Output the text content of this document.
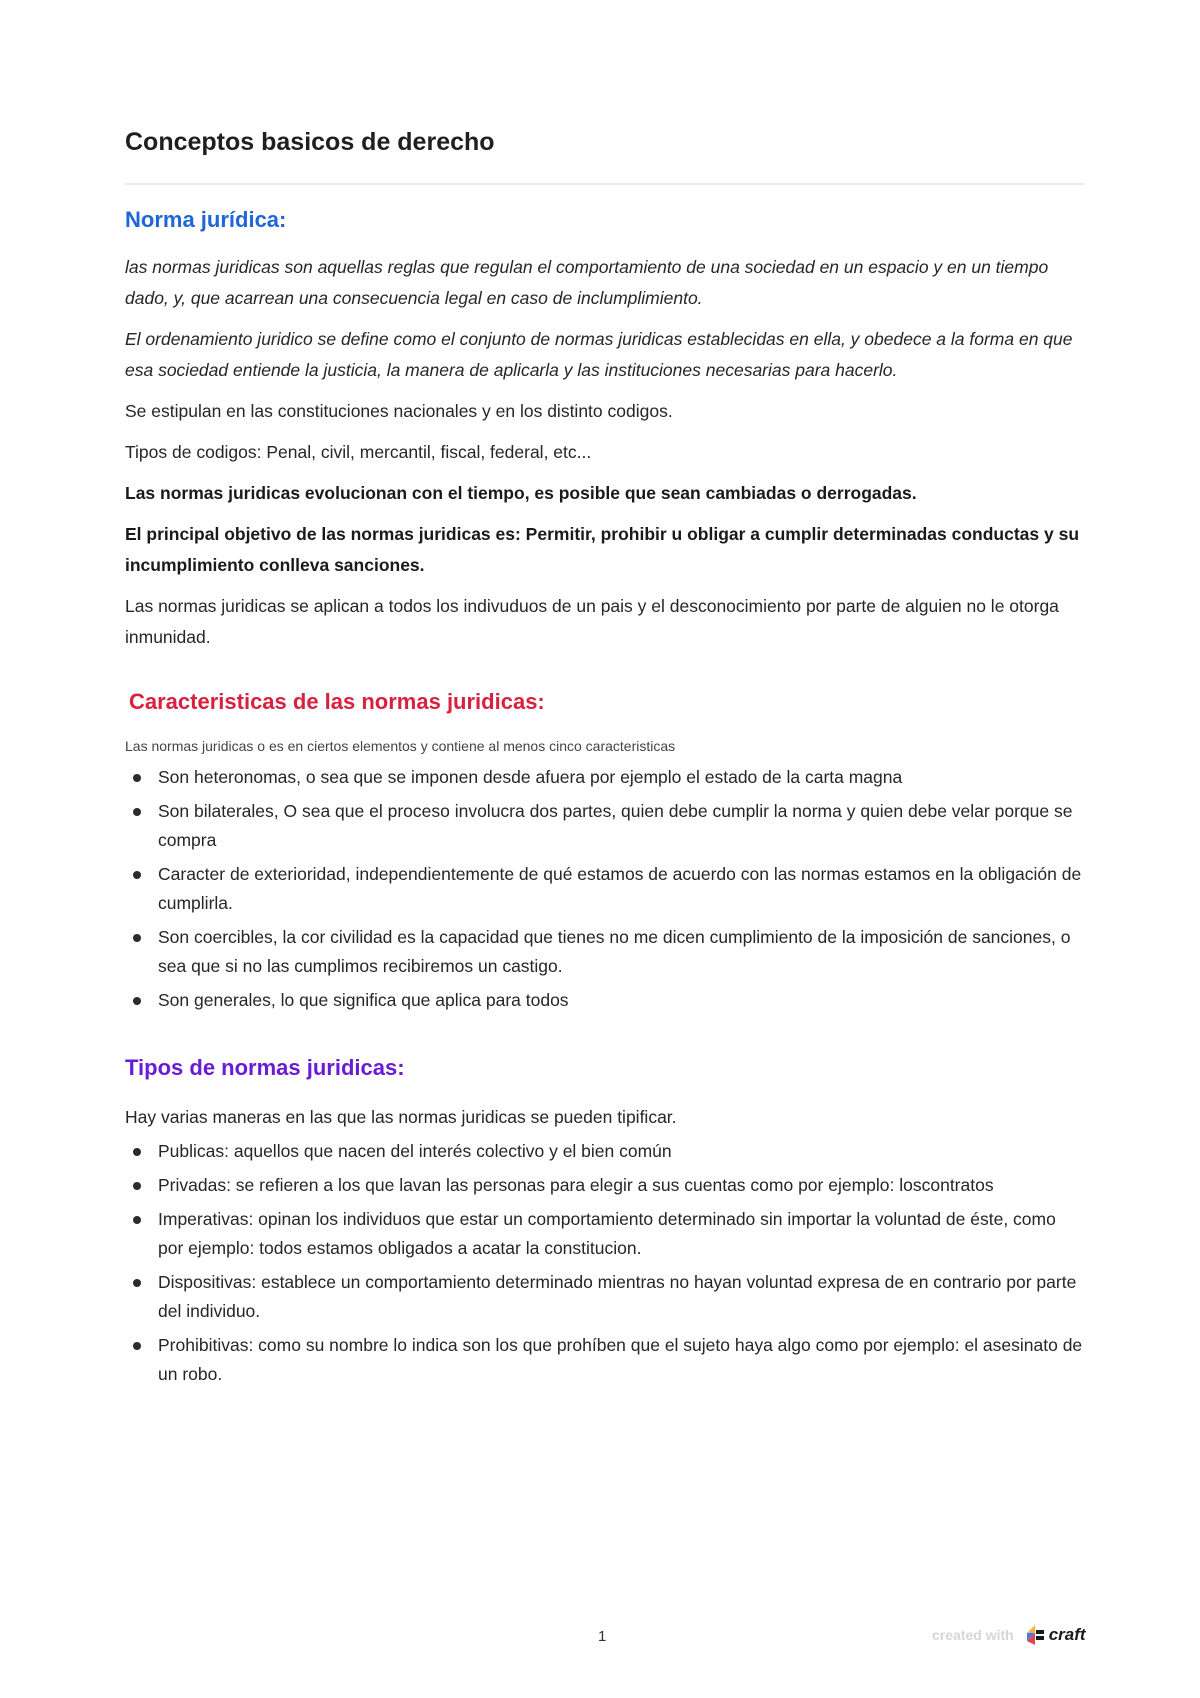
Conceptos basicos de derecho
Norma jurídica:

las normas juridicas son aquellas reglas que regulan el comportamiento de una sociedad en un espacio y en un tiempo dado, y, que acarrean una consecuencia legal en caso de inclumplimiento.

El ordenamiento juridico se define como el conjunto de normas juridicas establecidas en ella, y obedece a la forma en que esa sociedad entiende la justicia, la manera de aplicarla y las instituciones necesarias para hacerlo.

Se estipulan en las constituciones nacionales y en los distinto codigos.

Tipos de codigos: Penal, civil, mercantil, fiscal, federal, etc...

Las normas juridicas evolucionan con el tiempo, es posible que sean cambiadas o derrogadas.

El principal objetivo de las normas juridicas es: Permitir, prohibir u obligar a cumplir determinadas conductas y su incumplimiento conlleva sanciones.

Las normas juridicas se aplican a todos los indivuduos de un pais y el desconocimiento por parte de alguien no le otorga inmunidad.

Caracteristicas de las normas juridicas:

Las normas juridicas o es en ciertos elementos y contiene al menos cinco caracteristicas

Son heteronomas, o sea que se imponen desde afuera por ejemplo el estado de la carta magna
Son bilaterales, O sea que el proceso involucra dos partes, quien debe cumplir la norma y quien debe velar porque se compra
Caracter de exterioridad, independientemente de qué estamos de acuerdo con las normas estamos en la obligación de cumplirla.
Son coercibles, la cor civilidad es la capacidad que tienes no me dicen cumplimiento de la imposición de sanciones, o sea que si no las cumplimos recibiremos un castigo.
Son generales, lo que significa que aplica para todos
Tipos de normas juridicas:

Hay varias maneras en las que las normas juridicas se pueden tipificar.

Publicas: aquellos que nacen del interés colectivo y el bien común
Privadas: se refieren a los que lavan las personas para elegir a sus cuentas como por ejemplo: loscontratos
Imperativas: opinan los individuos que estar un comportamiento determinado sin importar la voluntad de éste, como por ejemplo: todos estamos obligados a acatar la constitucion.
Dispositivas: establece un comportamiento determinado mientras no hayan voluntad expresa de en contrario por parte del individuo.
Prohibitivas: como su nombre lo indica son los que prohíben que el sujeto haya algo como por ejemplo: el asesinato de un robo.
1	created with craft
